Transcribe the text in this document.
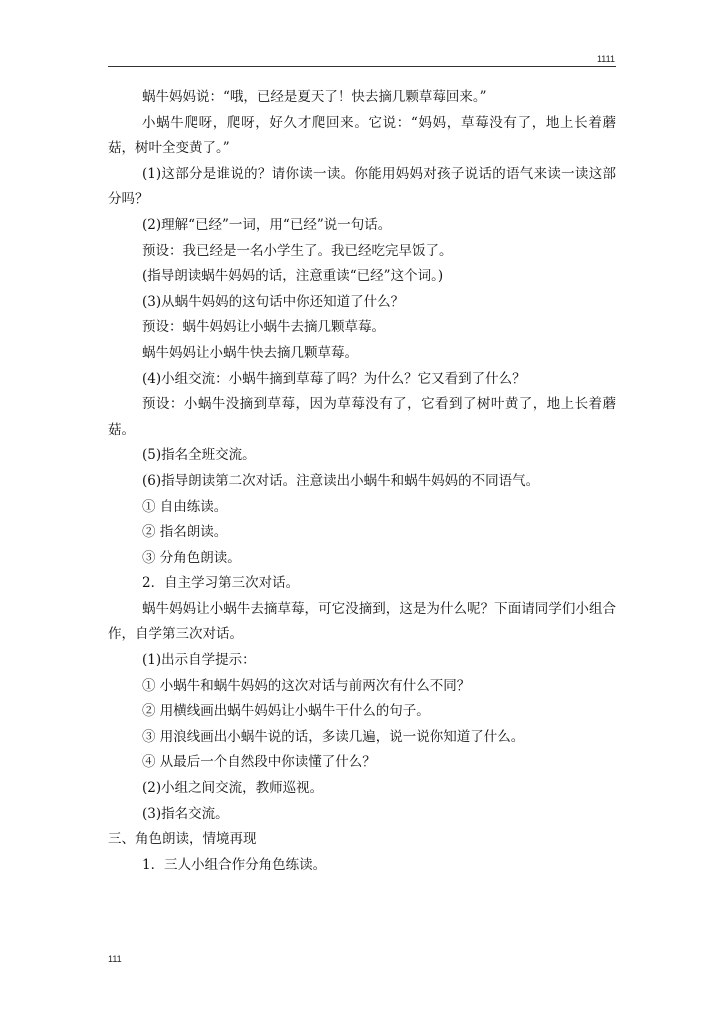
1111

蜗牛妈妈说：“哦，已经是夏天了！快去摘几颗草莓回来。”

小蜗牛爬呀，爬呀，好久才爬回来。它说：“妈妈，草莓没有了，地上长着蘑菇，树叶全变黄了。”

(1)这部分是谁说的？请你读一读。你能用妈妈对孩子说话的语气来读一读这部分吗？

(2)理解“已经”一词，用“已经”说一句话。

预设：我已经是一名小学生了。我已经吃完早饭了。

(指导朗读蜗牛妈妈的话，注意重读“已经”这个词。)

(3)从蜗牛妈妈的这句话中你还知道了什么？

预设：蜗牛妈妈让小蜗牛去摘几颗草莓。

蜗牛妈妈让小蜗牛快去摘几颗草莓。

(4)小组交流：小蜗牛摘到草莓了吗？为什么？它又看到了什么？

预设：小蜗牛没摘到草莓，因为草莓没有了，它看到了树叶黄了，地上长着蘑菇。

(5)指名全班交流。

(6)指导朗读第二次对话。注意读出小蜗牛和蜗牛妈妈的不同语气。

① 自由练读。

② 指名朗读。

③ 分角色朗读。

2．自主学习第三次对话。

蜗牛妈妈让小蜗牛去摘草莓，可它没摘到，这是为什么呢？下面请同学们小组合作，自学第三次对话。

(1)出示自学提示：

① 小蜗牛和蜗牛妈妈的这次对话与前两次有什么不同？

② 用横线画出蜗牛妈妈让小蜗牛干什么的句子。

③ 用浪线画出小蜗牛说的话，多读几遍，说一说你知道了什么。

④ 从最后一个自然段中你读懂了什么？

(2)小组之间交流，教师巡视。

(3)指名交流。

三、角色朗读，情境再现

1．三人小组合作分角色练读。

111
